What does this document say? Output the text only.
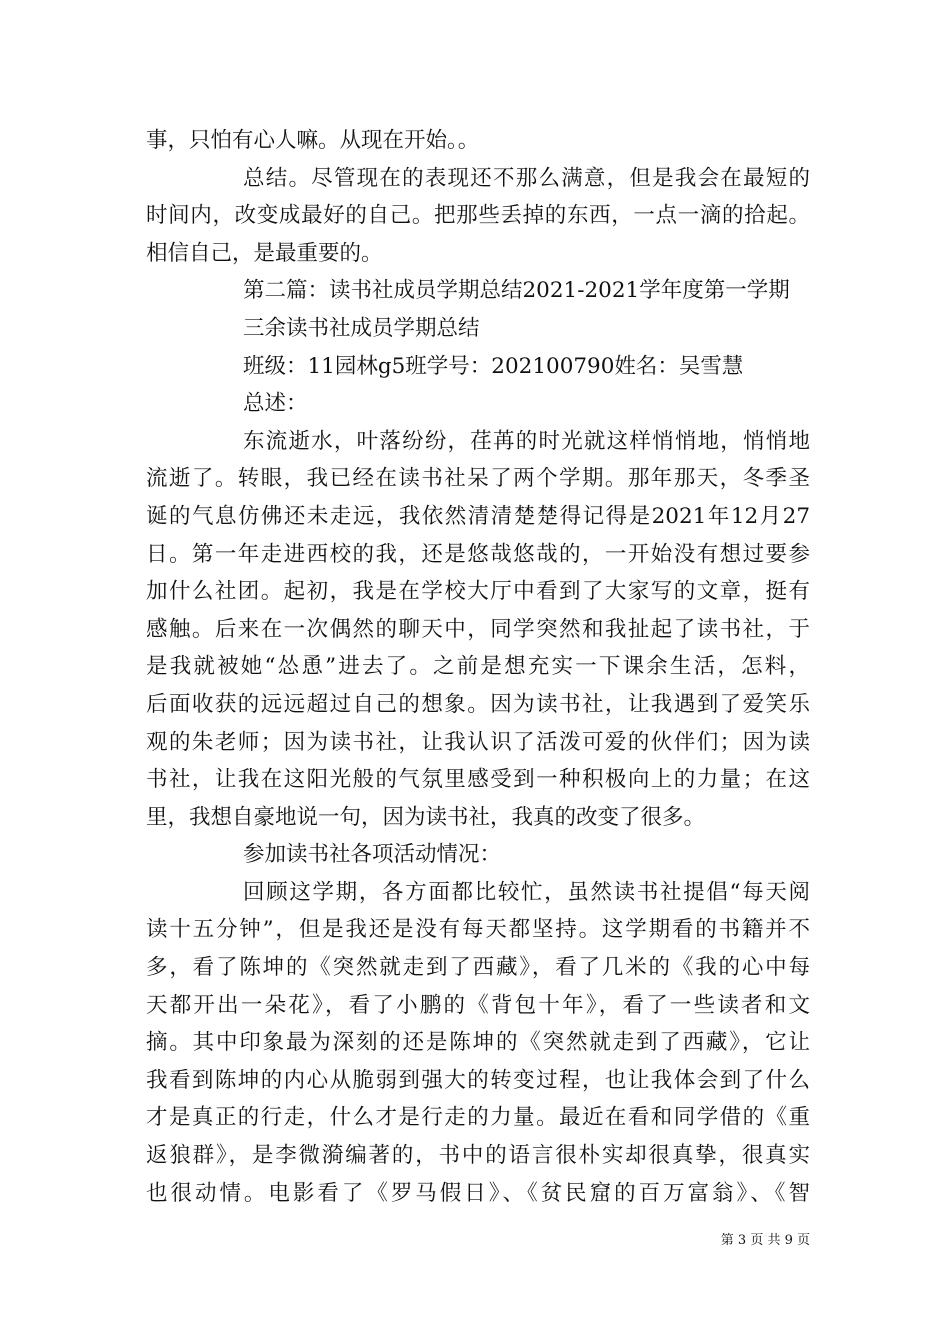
事，只怕有心人嘛。从现在开始。。
总结。尽管现在的表现还不那么满意，但是我会在最短的
时间内，改变成最好的自己。把那些丢掉的东西，一点一滴的拾起。
相信自己，是最重要的。
第二篇：读书社成员学期总结2021-2021学年度第一学期
三余读书社成员学期总结
班级：11园林g5班学号：202100790姓名：吴雪慧
总述：
东流逝水，叶落纷纷，荏苒的时光就这样悄悄地，悄悄地
流逝了。转眼，我已经在读书社呆了两个学期。那年那天，冬季圣
诞的气息仿佛还未走远，我依然清清楚楚得记得是2021年12月27
日。第一年走进西校的我，还是悠哉悠哉的，一开始没有想过要参
加什么社团。起初，我是在学校大厅中看到了大家写的文章，挺有
感触。后来在一次偶然的聊天中，同学突然和我扯起了读书社，于
是我就被她“怂恿”进去了。之前是想充实一下课余生活，怎料，
后面收获的远远超过自己的想象。因为读书社，让我遇到了爱笑乐
观的朱老师；因为读书社，让我认识了活泼可爱的伙伴们；因为读
书社，让我在这阳光般的气氛里感受到一种积极向上的力量；在这
里，我想自豪地说一句，因为读书社，我真的改变了很多。
参加读书社各项活动情况：
回顾这学期，各方面都比较忙，虽然读书社提倡“每天阅
读十五分钟”，但是我还是没有每天都坚持。这学期看的书籍并不
多，看了陈坤的《突然就走到了西藏》，看了几米的《我的心中每
天都开出一朵花》，看了小鹏的《背包十年》，看了一些读者和文
摘。其中印象最为深刻的还是陈坤的《突然就走到了西藏》，它让
我看到陈坤的内心从脆弱到强大的转变过程，也让我体会到了什么
才是真正的行走，什么才是行走的力量。最近在看和同学借的《重
返狼群》，是李微漪编著的，书中的语言很朴实却很真挚，很真实
也很动情。电影看了《罗马假日》、《贫民窟的百万富翁》、《智
第 3 页 共 9 页
